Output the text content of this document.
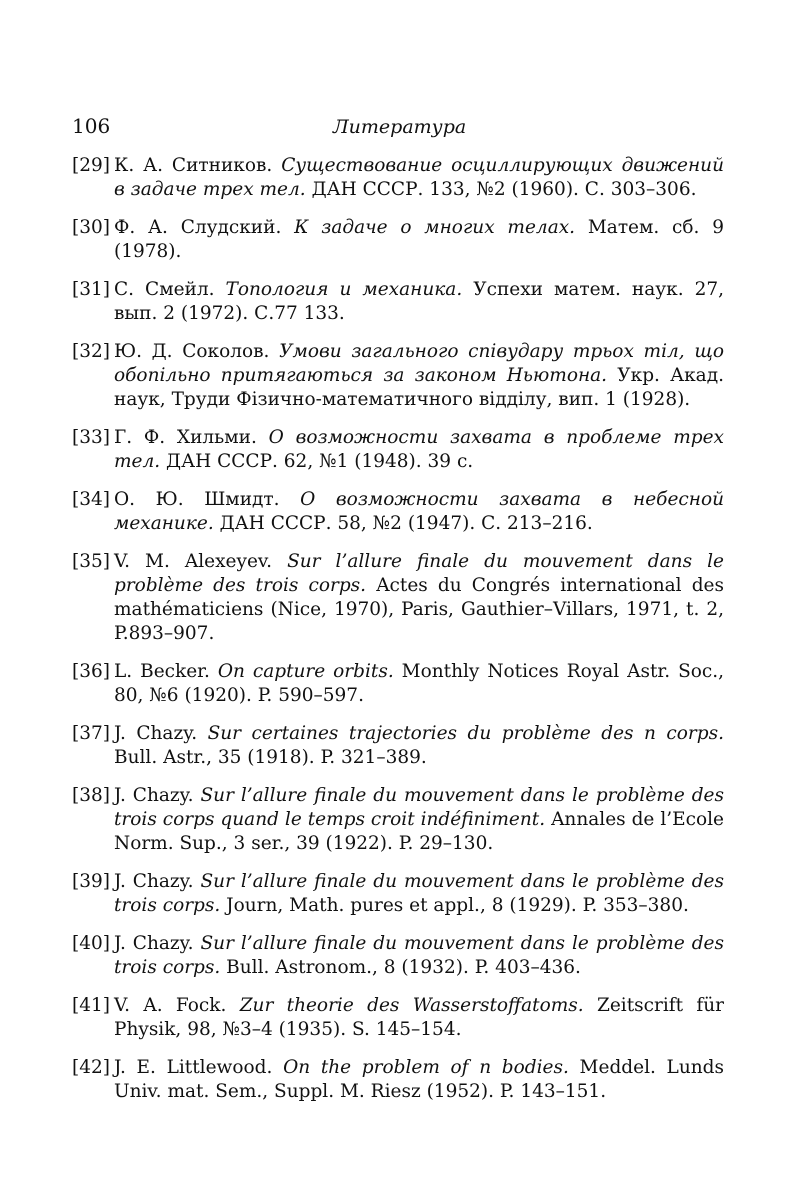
106	Литература
[29] К. А. Ситников. Существование осциллирующих движений в задаче трех тел. ДАН СССР. 133, №2 (1960). С. 303–306.
[30] Ф. А. Слудский. К задаче о многих телах. Матем. сб. 9 (1978).
[31] С. Смейл. Топология и механика. Успехи матем. наук. 27, вып. 2 (1972). С.77 133.
[32] Ю. Д. Соколов. Умови загального співудару трьох тіл, що обопільно притягаються за законом Ньютона. Укр. Акад. наук, Труди Фізично-математичного відділу, вип. 1 (1928).
[33] Г. Ф. Хильми. О возможности захвата в проблеме трех тел. ДАН СССР. 62, №1 (1948). 39 с.
[34] О. Ю. Шмидт. О возможности захвата в небесной механике. ДАН СССР. 58, №2 (1947). С. 213–216.
[35] V. M. Alexeyev. Sur l’allure finale du mouvement dans le problème des trois corps. Actes du Congrés international des mathématiciens (Nice, 1970), Paris, Gauthier–Villars, 1971, t. 2, P.893–907.
[36] L. Becker. On capture orbits. Monthly Notices Royal Astr. Soc., 80, №6 (1920). P. 590–597.
[37] J. Chazy. Sur certaines trajectories du problème des n corps. Bull. Astr., 35 (1918). P. 321–389.
[38] J. Chazy. Sur l’allure finale du mouvement dans le problème des trois corps quand le temps croit indéfiniment. Annales de l’Ecole Norm. Sup., 3 ser., 39 (1922). P. 29–130.
[39] J. Chazy. Sur l’allure finale du mouvement dans le problème des trois corps. Journ, Math. pures et appl., 8 (1929). P. 353–380.
[40] J. Chazy. Sur l’allure finale du mouvement dans le problème des trois corps. Bull. Astronom., 8 (1932). P. 403–436.
[41] V. A. Fock. Zur theorie des Wasserstoffatoms. Zeitscrift für Physik, 98, №3–4 (1935). S. 145–154.
[42] J. E. Littlewood. On the problem of n bodies. Meddel. Lunds Univ. mat. Sem., Suppl. M. Riesz (1952). P. 143–151.
